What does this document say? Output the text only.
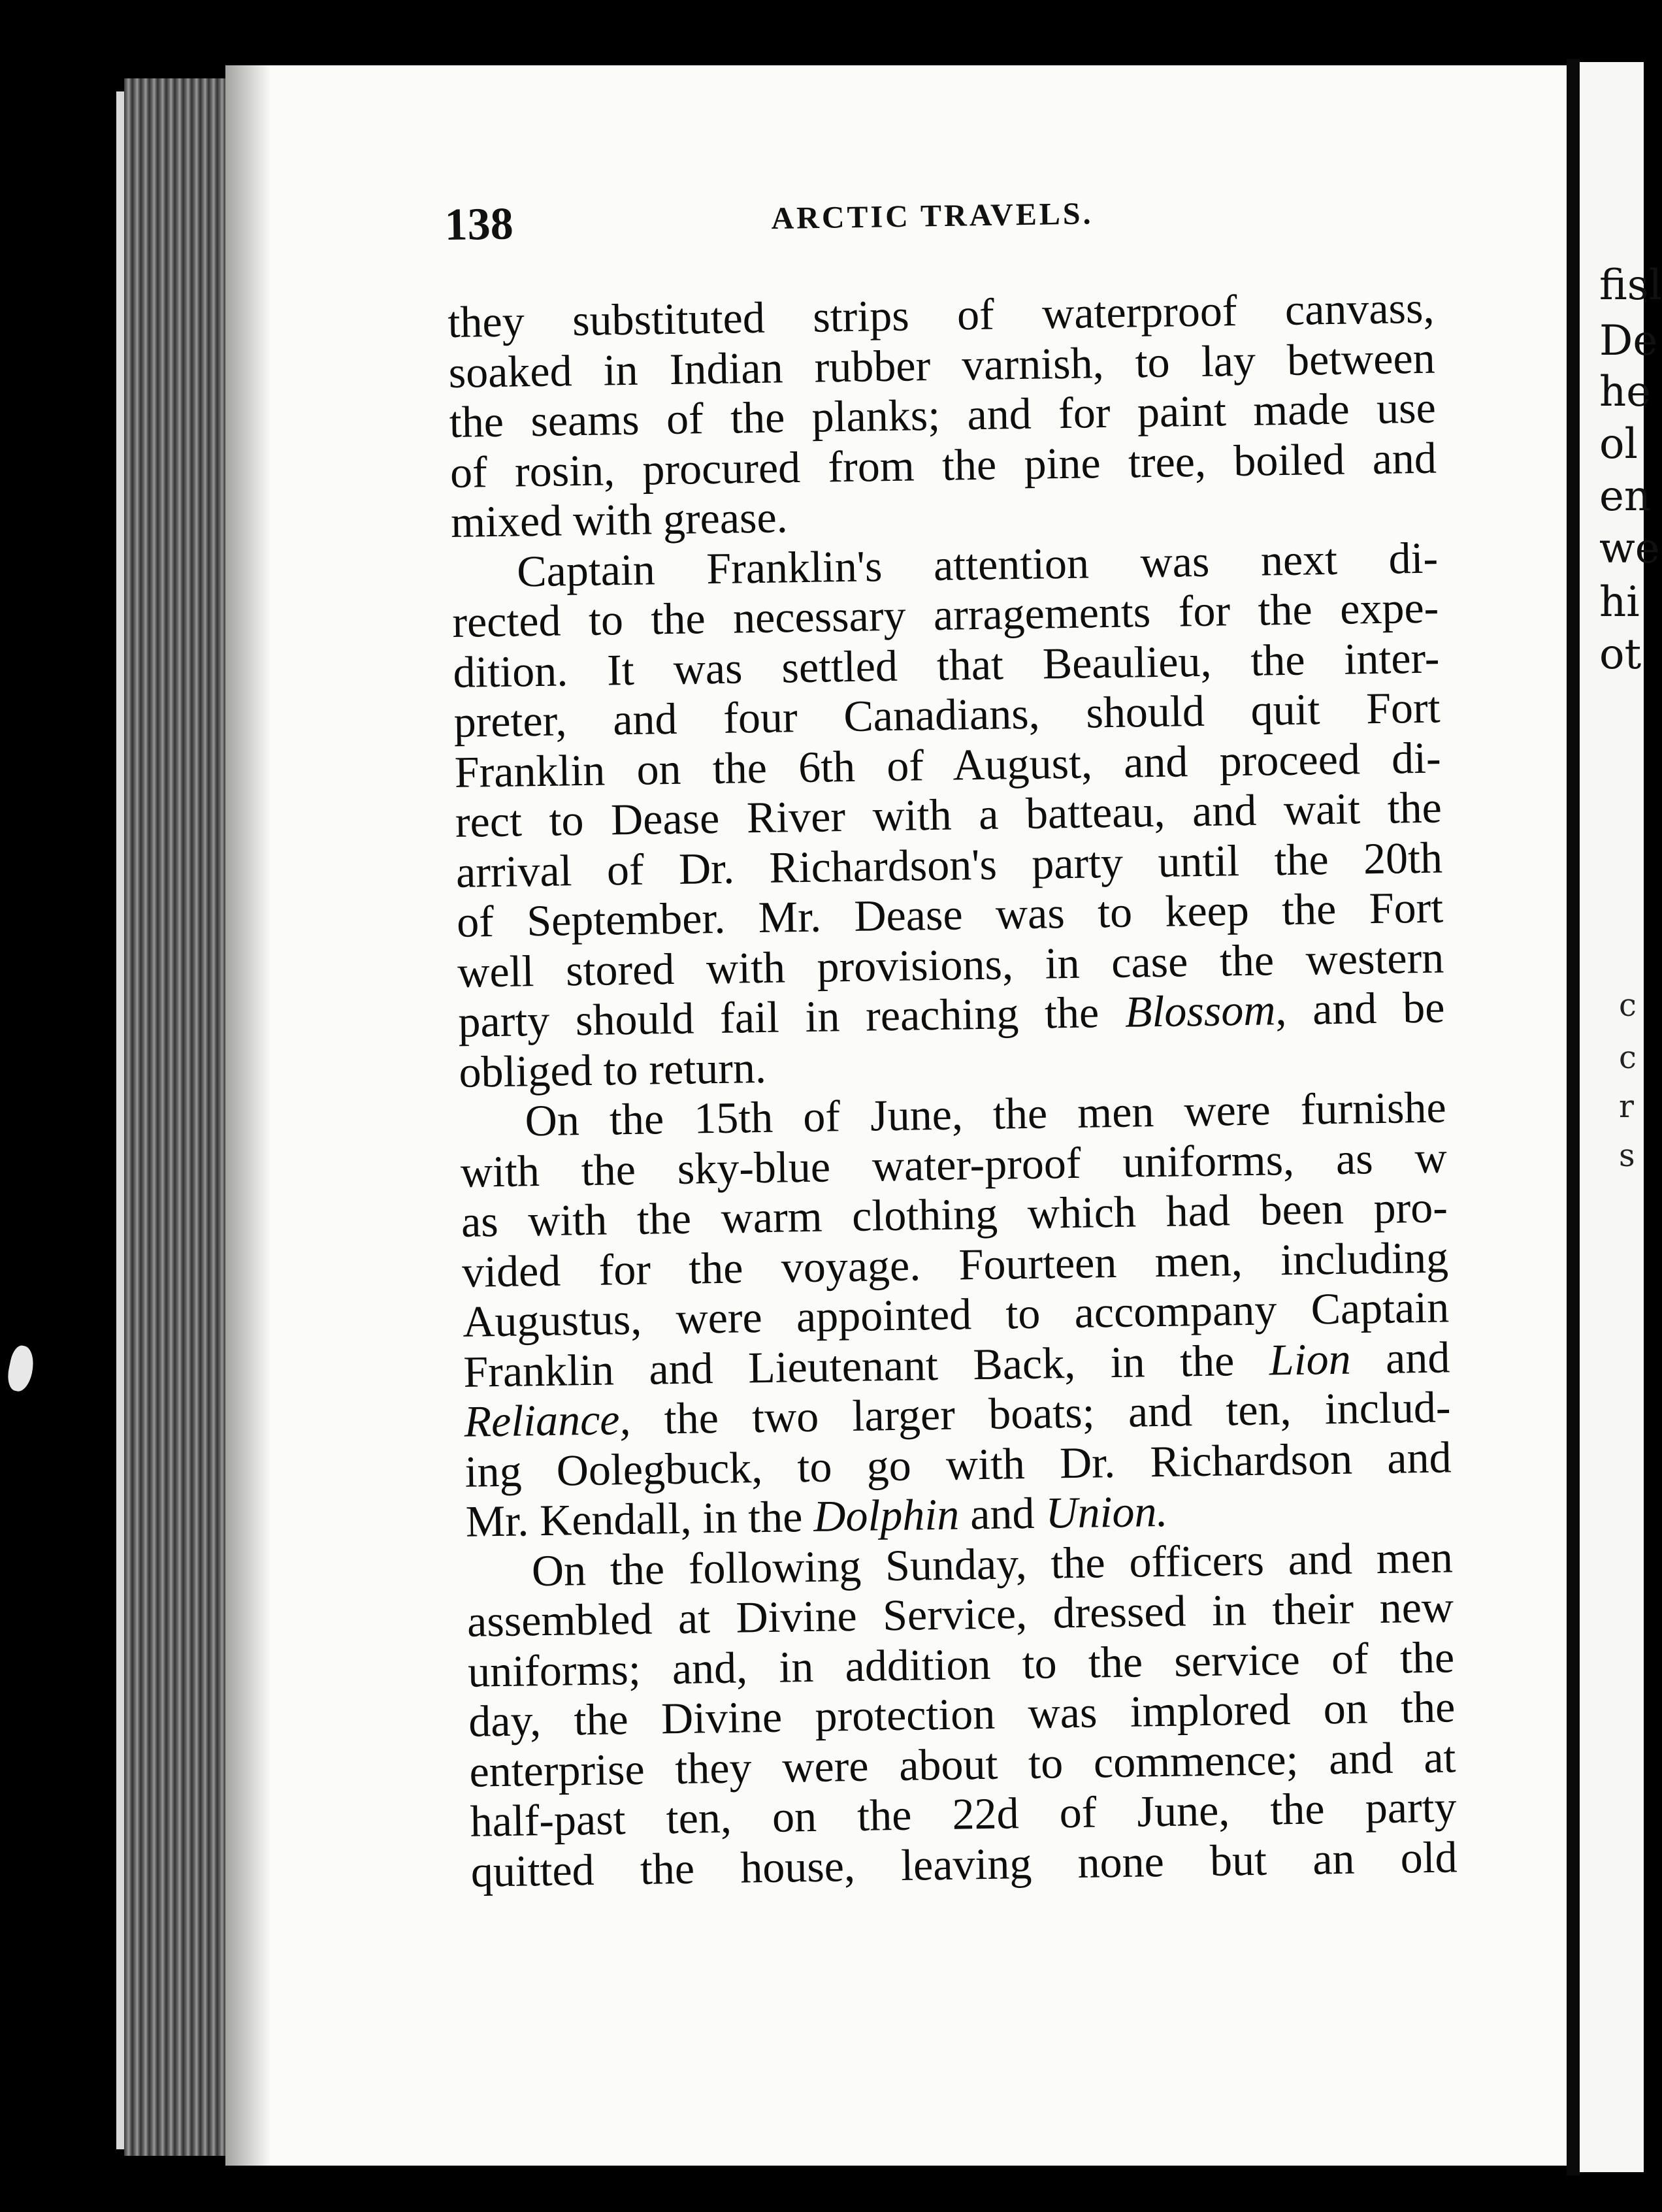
fisl
De
he
ol
en
we
hi
ot
c
c
r
s
138	ARCTIC TRAVELS.
they substituted strips of waterproof canvass,
soaked in Indian rubber varnish, to lay between
the seams of the planks; and for paint made use
of rosin, procured from the pine tree, boiled and
mixed with grease.
Captain Franklin's attention was next di-
rected to the necessary arragements for the expe-
dition. It was settled that Beaulieu, the inter-
preter, and four Canadians, should quit Fort
Franklin on the 6th of August, and proceed di-
rect to Dease River with a batteau, and wait the
arrival of Dr. Richardson's party until the 20th
of September. Mr. Dease was to keep the Fort
well stored with provisions, in case the western
party should fail in reaching the Blossom, and be
obliged to return.
On the 15th of June, the men were furnishe
with the sky-blue water-proof uniforms, as w
as with the warm clothing which had been pro-
vided for the voyage. Fourteen men, including
Augustus, were appointed to accompany Captain
Franklin and Lieutenant Back, in the Lion and
Reliance, the two larger boats; and ten, includ-
ing Oolegbuck, to go with Dr. Richardson and
Mr. Kendall, in the Dolphin and Union.
On the following Sunday, the officers and men
assembled at Divine Service, dressed in their new
uniforms; and, in addition to the service of the
day, the Divine protection was implored on the
enterprise they were about to commence; and at
half-past ten, on the 22d of June, the party
quitted the house, leaving none but an old
